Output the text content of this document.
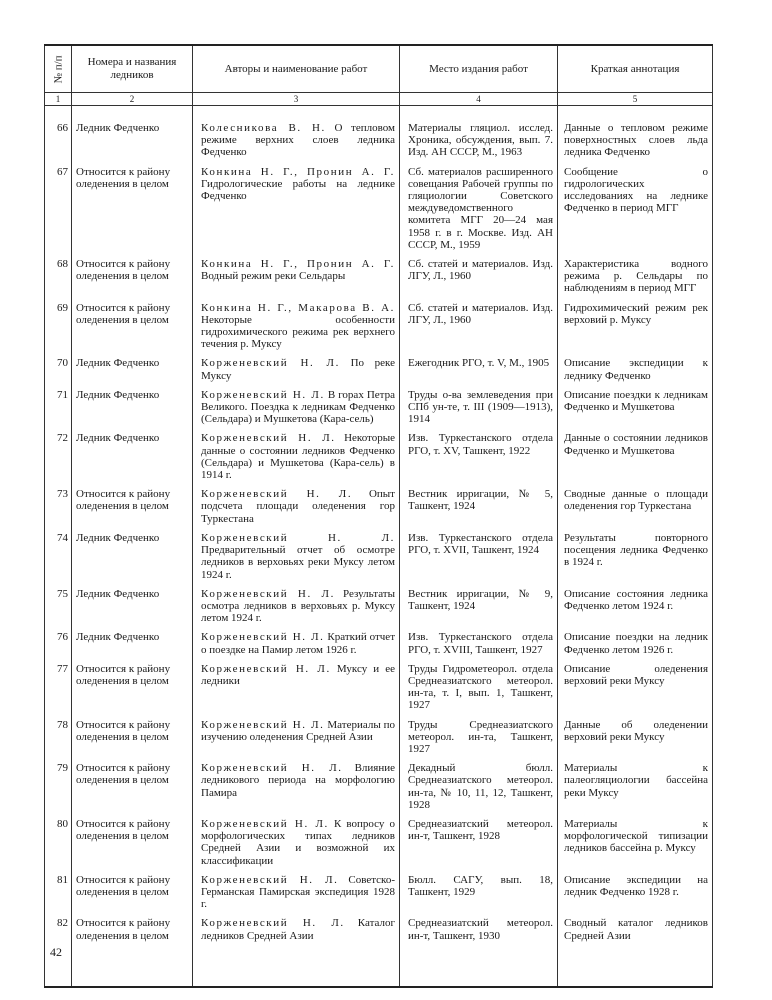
№ п/п	Номера и названия ледников	Авторы и наименование работ	Место издания работ	Краткая аннотация
1	2	3	4	5
66	Ледник Федченко	Колесникова В. Н. О тепловом режиме верхних слоев ледника Федченко	Материалы гляциол. исслед. Хроника, обсуждения, вып. 7. Изд. АН СССР, М., 1963	Данные о тепловом режиме поверхностных слоев льда ледника Федченко
67	Относится к району оледенения в целом	Конкина Н. Г., Пронин А. Г. Гидрологические работы на леднике Федченко	Сб. материалов расширенного совещания Рабочей группы по гляциологии Советского междуведомственного комитета МГГ 20—24 мая 1958 г. в г. Москве. Изд. АН СССР, М., 1959	Сообщение о гидрологических исследованиях на леднике Федченко в период МГГ
68	Относится к району оледенения в целом	Конкина Н. Г., Пронин А. Г. Водный режим реки Сельдары	Сб. статей и материалов. Изд. ЛГУ, Л., 1960	Характеристика водного режима р. Сельдары по наблюдениям в период МГГ
69	Относится к району оледенения в целом	Конкина Н. Г., Макарова В. А. Некоторые особенности гидрохимического режима рек верхнего течения р. Муксу	Сб. статей и материалов. Изд. ЛГУ, Л., 1960	Гидрохимический режим рек верховий р. Муксу
70	Ледник Федченко	Корженевский Н. Л. По реке Муксу	Ежегодник РГО, т. V, М., 1905	Описание экспедиции к леднику Федченко
71	Ледник Федченко	Корженевский Н. Л. В горах Петра Великого. Поездка к ледникам Федченко (Сельдара) и Мушкетова (Кара-сель)	Труды о-ва землеведения при СПб ун-те, т. III (1909—1913), 1914	Описание поездки к ледникам Федченко и Мушкетова
72	Ледник Федченко	Корженевский Н. Л. Некоторые данные о состоянии ледников Федченко (Сельдара) и Мушкетова (Кара-сель) в 1914 г.	Изв. Туркестанского отдела РГО, т. XV, Ташкент, 1922	Данные о состоянии ледников Федченко и Мушкетова
73	Относится к району оледенения в целом	Корженевский Н. Л. Опыт подсчета площади оледенения гор Туркестана	Вестник ирригации, № 5, Ташкент, 1924	Сводные данные о площади оледенения гор Туркестана
74	Ледник Федченко	Корженевский Н. Л. Предварительный отчет об осмотре ледников в верховьях реки Муксу летом 1924 г.	Изв. Туркестанского отдела РГО, т. XVII, Ташкент, 1924	Результаты повторного посещения ледника Федченко в 1924 г.
75	Ледник Федченко	Корженевский Н. Л. Результаты осмотра ледников в верховьях р. Муксу летом 1924 г.	Вестник ирригации, № 9, Ташкент, 1924	Описание состояния ледника Федченко летом 1924 г.
76	Ледник Федченко	Корженевский Н. Л. Краткий отчет о поездке на Памир летом 1926 г.	Изв. Туркестанского отдела РГО, т. XVIII, Ташкент, 1927	Описание поездки на ледник Федченко летом 1926 г.
77	Относится к району оледенения в целом	Корженевский Н. Л. Муксу и ее ледники	Труды Гидрометеорол. отдела Среднеазиатского метеорол. ин-та, т. I, вып. 1, Ташкент, 1927	Описание оледенения верховий реки Муксу
78	Относится к району оледенения в целом	Корженевский Н. Л. Материалы по изучению оледенения Средней Азии	Труды Среднеазиатского метеорол. ин-та, Ташкент, 1927	Данные об оледенении верховий реки Муксу
79	Относится к району оледенения в целом	Корженевский Н. Л. Влияние ледникового периода на морфологию Памира	Декадный бюлл. Среднеазиатского метеорол. ин-та, № 10, 11, 12, Ташкент, 1928	Материалы к палеогляциологии бассейна реки Муксу
80	Относится к району оледенения в целом	Корженевский Н. Л. К вопросу о морфологических типах ледников Средней Азии и возможной их классификации	Среднеазиатский метеорол. ин-т, Ташкент, 1928	Материалы к морфологической типизации ледников бассейна р. Муксу
81	Относится к району оледенения в целом	Корженевский Н. Л. Советско-Германская Памирская экспедиция 1928 г.	Бюлл. САГУ, вып. 18, Ташкент, 1929	Описание экспедиции на ледник Федченко 1928 г.
82	Относится к району оледенения в целом	Корженевский Н. Л. Каталог ледников Средней Азии	Среднеазиатский метеорол. ин-т, Ташкент, 1930	Сводный каталог ледников Средней Азии
42
